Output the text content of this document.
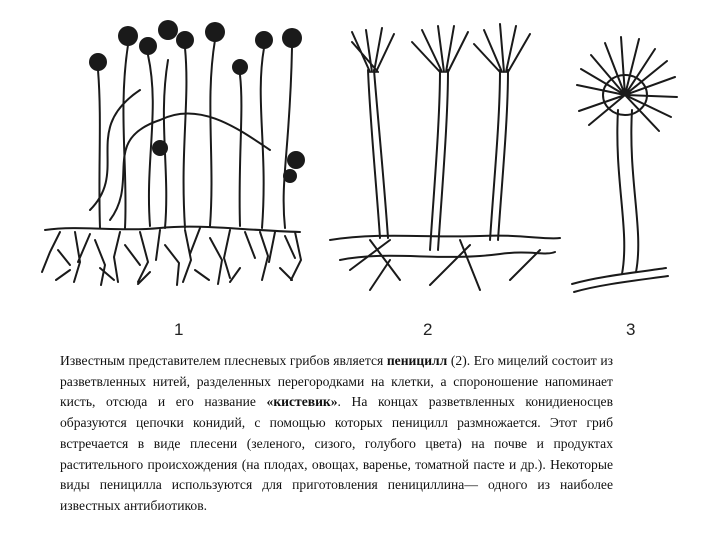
1	2	3
Известным представителем плесневых грибов является пеницилл (2). Его мицелий состоит из разветвленных нитей, разделенных перегородками на клетки, а спороношение напоминает кисть, отсюда и его название «кистевик». На концах разветвленных конидиеносцев образуются цепочки конидий, с помощью которых пеницилл размножается. Этот гриб встречается в виде плесени (зеленого, сизого, голубого цвета) на почве и продуктах растительного происхождения (на плодах, овощах, варенье, томатной пасте и др.). Некоторые виды пеницилла используются для приготовления пенициллина— одного из наиболее известных антибиотиков.
